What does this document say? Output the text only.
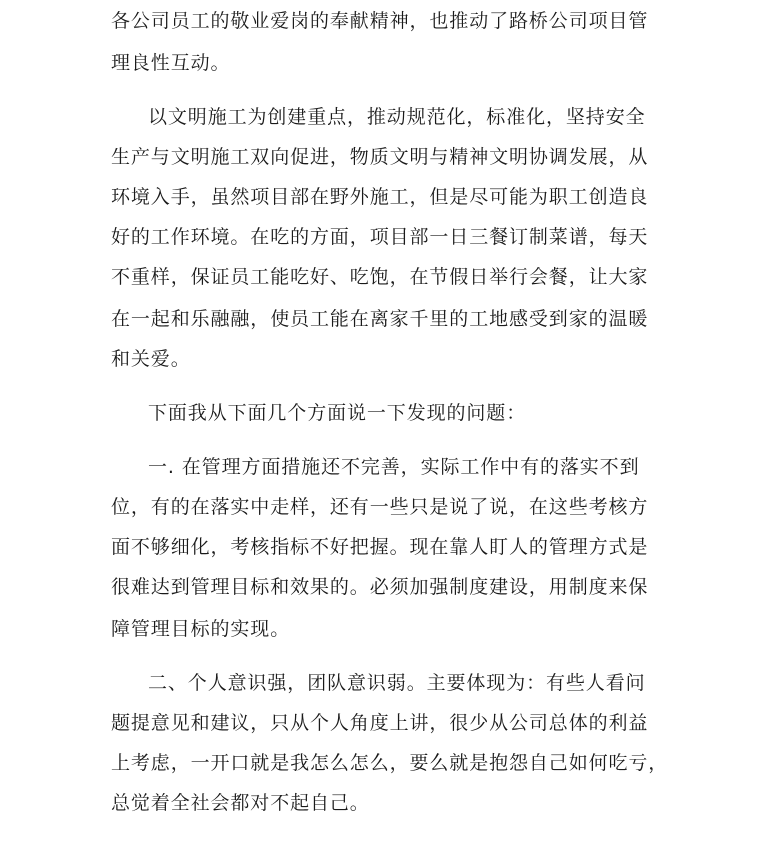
各公司员工的敬业爱岗的奉献精神，也推动了路桥公司项目管
理良性互动。
以文明施工为创建重点，推动规范化，标准化，坚持安全
生产与文明施工双向促进，物质文明与精神文明协调发展，从
环境入手，虽然项目部在野外施工，但是尽可能为职工创造良
好的工作环境。在吃的方面，项目部一日三餐订制菜谱，每天
不重样，保证员工能吃好、吃饱，在节假日举行会餐，让大家
在一起和乐融融，使员工能在离家千里的工地感受到家的温暖
和关爱。
下面我从下面几个方面说一下发现的问题：
一. 在管理方面措施还不完善，实际工作中有的落实不到
位，有的在落实中走样，还有一些只是说了说，在这些考核方
面不够细化，考核指标不好把握。现在靠人盯人的管理方式是
很难达到管理目标和效果的。必须加强制度建设，用制度来保
障管理目标的实现。
二、个人意识强，团队意识弱。主要体现为：有些人看问
题提意见和建议，只从个人角度上讲，很少从公司总体的利益
上考虑，一开口就是我怎么怎么，要么就是抱怨自己如何吃亏，
总觉着全社会都对不起自己。
